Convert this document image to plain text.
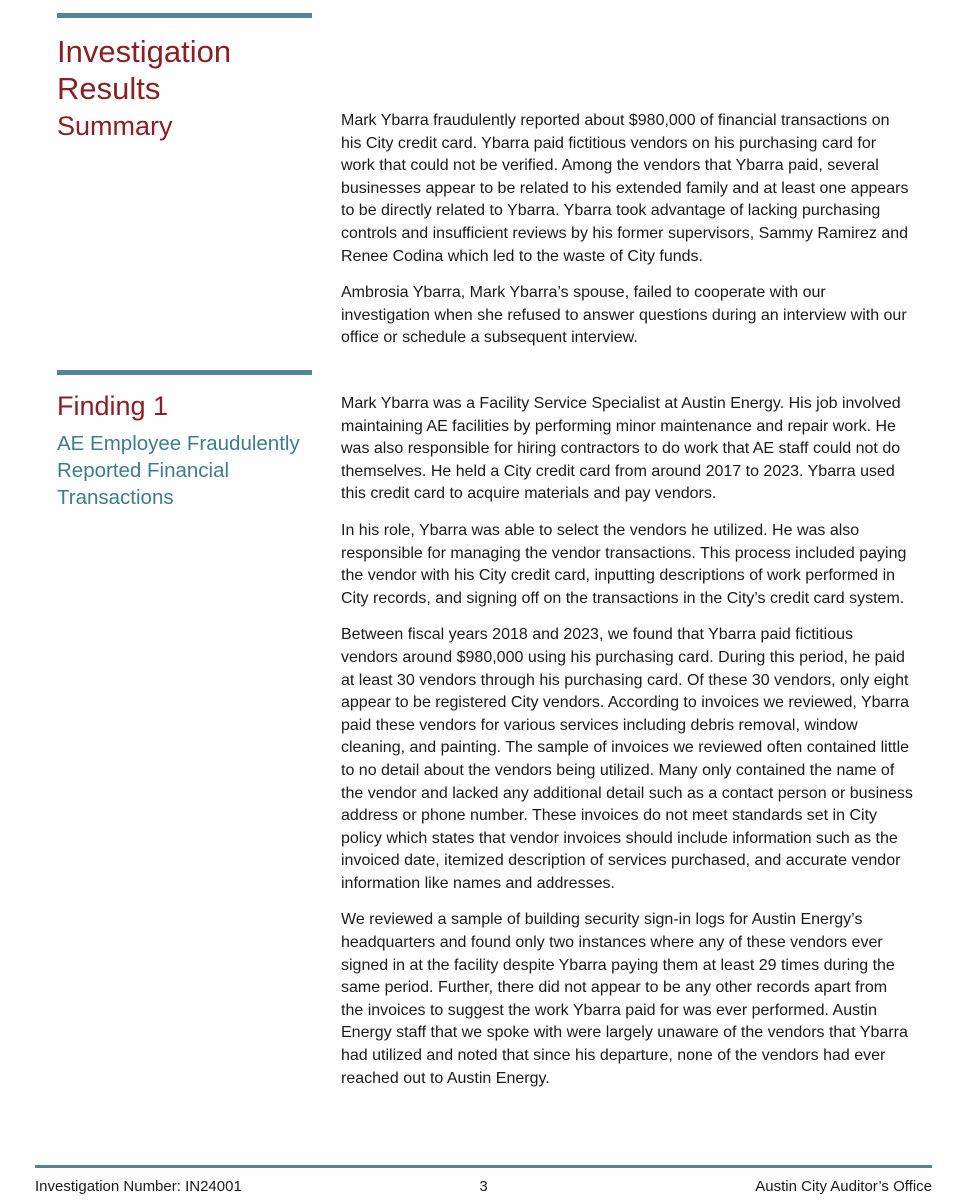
Investigation Results
Summary	Mark Ybarra fraudulently reported about $980,000 of financial transactions on his City credit card. Ybarra paid fictitious vendors on his purchasing card for work that could not be verified. Among the vendors that Ybarra paid, several businesses appear to be related to his extended family and at least one appears to be directly related to Ybarra. Ybarra took advantage of lacking purchasing controls and insufficient reviews by his former supervisors, Sammy Ramirez and Renee Codina which led to the waste of City funds.

Ambrosia Ybarra, Mark Ybarra’s spouse, failed to cooperate with our investigation when she refused to answer questions during an interview with our office or schedule a subsequent interview.

Finding 1
AE Employee Fraudulently Reported Financial Transactions

Mark Ybarra was a Facility Service Specialist at Austin Energy. His job involved maintaining AE facilities by performing minor maintenance and repair work. He was also responsible for hiring contractors to do work that AE staff could not do themselves. He held a City credit card from around 2017 to 2023. Ybarra used this credit card to acquire materials and pay vendors.

In his role, Ybarra was able to select the vendors he utilized. He was also responsible for managing the vendor transactions. This process included paying the vendor with his City credit card, inputting descriptions of work performed in City records, and signing off on the transactions in the City’s credit card system.

Between fiscal years 2018 and 2023, we found that Ybarra paid fictitious vendors around $980,000 using his purchasing card. During this period, he paid at least 30 vendors through his purchasing card. Of these 30 vendors, only eight appear to be registered City vendors. According to invoices we reviewed, Ybarra paid these vendors for various services including debris removal, window cleaning, and painting. The sample of invoices we reviewed often contained little to no detail about the vendors being utilized. Many only contained the name of the vendor and lacked any additional detail such as a contact person or business address or phone number. These invoices do not meet standards set in City policy which states that vendor invoices should include information such as the invoiced date, itemized description of services purchased, and accurate vendor information like names and addresses.

We reviewed a sample of building security sign-in logs for Austin Energy’s headquarters and found only two instances where any of these vendors ever signed in at the facility despite Ybarra paying them at least 29 times during the same period. Further, there did not appear to be any other records apart from the invoices to suggest the work Ybarra paid for was ever performed. Austin Energy staff that we spoke with were largely unaware of the vendors that Ybarra had utilized and noted that since his departure, none of the vendors had ever reached out to Austin Energy.

Investigation Number: IN24001	3	Austin City Auditor’s Office
